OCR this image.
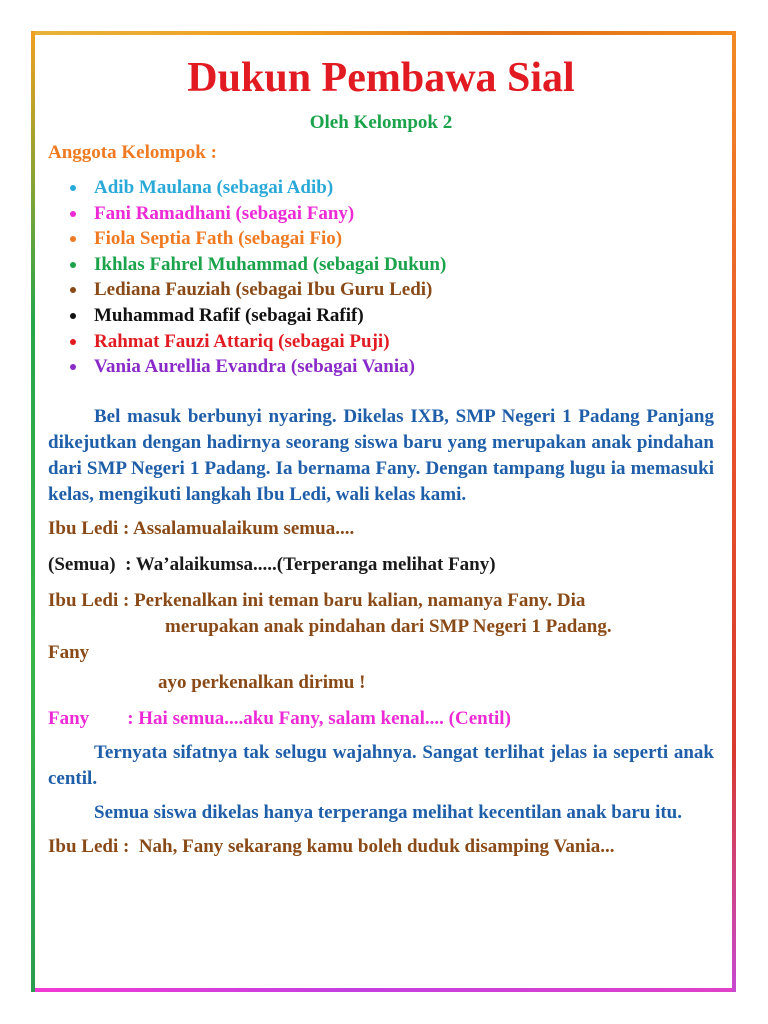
Dukun Pembawa Sial
Oleh Kelompok 2
Anggota Kelompok :
Adib Maulana (sebagai Adib)
Fani Ramadhani (sebagai Fany)
Fiola Septia Fath (sebagai Fio)
Ikhlas Fahrel Muhammad (sebagai Dukun)
Lediana Fauziah (sebagai Ibu Guru Ledi)
Muhammad Rafif (sebagai Rafif)
Rahmat Fauzi Attariq (sebagai Puji)
Vania Aurellia Evandra (sebagai Vania)

Bel masuk berbunyi nyaring. Dikelas IXB, SMP Negeri 1 Padang Panjang dikejutkan dengan hadirnya seorang siswa baru yang merupakan anak pindahan dari SMP Negeri 1 Padang. Ia bernama Fany. Dengan tampang lugu ia memasuki kelas, mengikuti langkah Ibu Ledi, wali kelas kami.

Ibu Ledi : Assalamualaikum semua....

(Semua)  : Wa’alaikumsa.....(Terperanga melihat Fany)

Ibu Ledi : Perkenalkan ini teman baru kalian, namanya Fany. Dia

merupakan anak pindahan dari SMP Negeri 1 Padang.

Fany

ayo perkenalkan dirimu !

Fany        : Hai semua....aku Fany, salam kenal.... (Centil)

Ternyata sifatnya tak selugu wajahnya. Sangat terlihat jelas ia seperti anak centil.

Semua siswa dikelas hanya terperanga melihat kecentilan anak baru itu.

Ibu Ledi :  Nah, Fany sekarang kamu boleh duduk disamping Vania...
